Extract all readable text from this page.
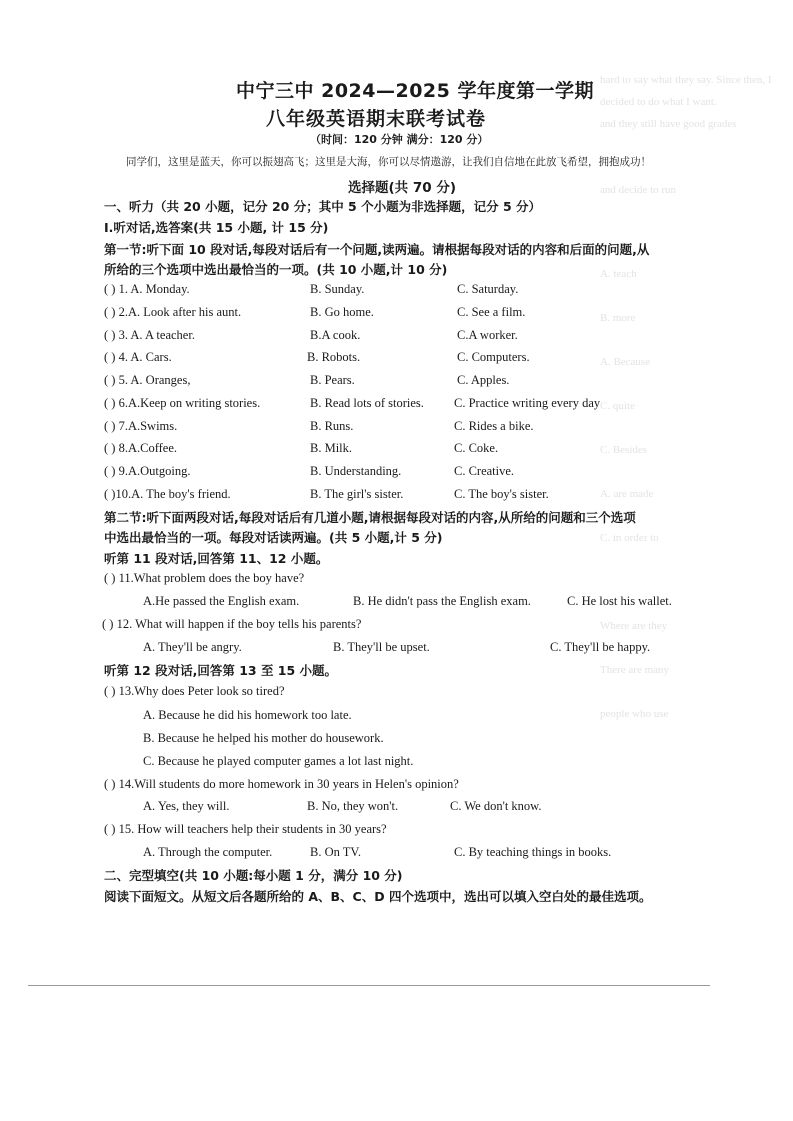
hard to say what they say. Since then, I
decided to do what I want.
and they still have good grades
and decide to run
A. teach
B. more
A. Because
C. quite
C. Besides
A. are made
C. in order to
Where are they
There are many
people who use
中宁三中 2024—2025 学年度第一学期
八年级英语期末联考试卷
（时间：120 分钟 满分：120 分）
同学们，这里是蓝天，你可以振翅高飞；这里是大海，你可以尽情遨游，让我们自信地在此放飞希望，拥抱成功！
选择题(共 70 分)
一、听力（共 20 小题，记分 20 分；其中 5 个小题为非选择题，记分 5 分）
I.听对话,选答案(共 15 小题, 计 15 分)
第一节:听下面 10 段对话,每段对话后有一个问题,读两遍。请根据每段对话的内容和后面的问题,从
所给的三个选项中选出最恰当的一项。(共 10 小题,计 10 分)
( ) 1. A. Monday.	B. Sunday.	C. Saturday.
( ) 2.A. Look after his aunt.	B. Go home.	C. See a film.
( ) 3. A. A teacher.	B.A cook.	C.A worker.
( ) 4. A. Cars.	B. Robots.	C. Computers.
( ) 5. A. Oranges,	B. Pears.	C. Apples.
( ) 6.A.Keep on writing stories.	B. Read lots of stories. C. Practice writing every day
( ) 7.A.Swims.	B. Runs.	C. Rides a bike.
( ) 8.A.Coffee.	B. Milk.	C. Coke.
( ) 9.A.Outgoing.	B. Understanding.	C. Creative.
( )10.A. The boy's friend.	B. The girl's sister.	C. The boy's sister.
第二节:听下面两段对话,每段对话后有几道小题,请根据每段对话的内容,从所给的问题和三个选项
中选出最恰当的一项。每段对话读两遍。(共 5 小题,计 5 分)
听第 11 段对话,回答第 11、12 小题。
( ) 11.What problem does the boy have?
A.He passed the English exam.	B. He didn't pass the English exam.	C. He lost his wallet.
( ) 12. What will happen if the boy tells his parents?
A. They'll be angry.	B. They'll be upset.	C. They'll be happy.
听第 12 段对话,回答第 13 至 15 小题。
( ) 13.Why does Peter look so tired?
A. Because he did his homework too late.
B. Because he helped his mother do housework.
C. Because he played computer games a lot last night.
( ) 14.Will students do more homework in 30 years in Helen's opinion?
A. Yes, they will.	B. No, they won't.	C. We don't know.
( ) 15. How will teachers help their students in 30 years?
A. Through the computer.	B. On TV.	C. By teaching things in books.
二、完型填空(共 10 小题:每小题 1 分，满分 10 分)
阅读下面短文。从短文后各题所给的 A、B、C、D 四个选项中，选出可以填入空白处的最佳选项。
